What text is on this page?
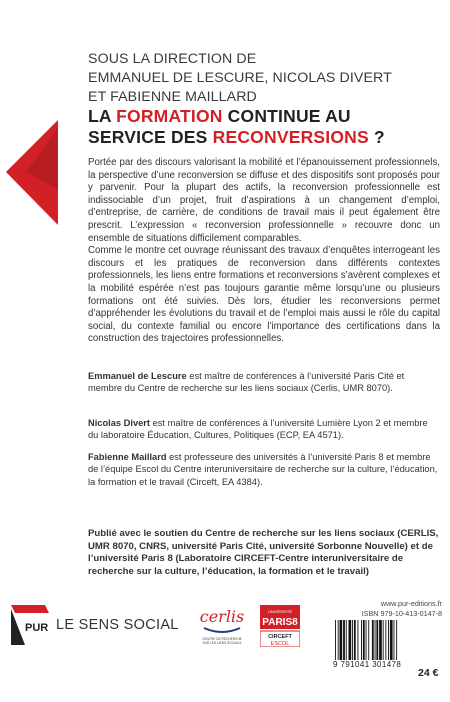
SOUS LA DIRECTION DE
EMMANUEL DE LESCURE, NICOLAS DIVERT
ET FABIENNE MAILLARD
LA FORMATION CONTINUE AU
SERVICE DES RECONVERSIONS ?

Portée par des discours valorisant la mobilité et l’épanouissement professionnels, la perspective d’une reconversion se diffuse et des dispositifs sont proposés pour y parvenir. Pour la plupart des actifs, la reconversion professionnelle est indissociable d’un projet, fruit d’aspirations à un changement d’emploi, d’entreprise, de carrière, de conditions de travail mais il peut également être prescrit. L’expression « reconversion professionnelle » recouvre donc un ensemble de situations difficilement comparables.

Comme le montre cet ouvrage réunissant des travaux d’enquêtes interrogeant les discours et les pratiques de reconversion dans différents contextes professionnels, les liens entre formations et reconversions s’avèrent complexes et la mobilité espérée n’est pas toujours garantie même lorsqu’une ou plusieurs formations ont été suivies. Dès lors, étudier les reconversions permet d’appréhender les évolutions du travail et de l’emploi mais aussi le rôle du capital social, du contexte familial ou encore l’importance des certifications dans la construction des trajectoires professionnelles.

Emmanuel de Lescure est maître de conférences à l’université Paris Cité et membre du Centre de recherche sur les liens sociaux (Cerlis, UMR 8070).
Nicolas Divert est maître de conférences à l’université Lumière Lyon 2 et membre du laboratoire Éducation, Cultures, Politiques (ECP, EA 4571).
Fabienne Maillard est professeure des universités à l’université Paris 8 et membre de l’équipe Escol du Centre interuniversitaire de recherche sur la culture, l’éducation, la formation et le travail (Circeft, EA 4384).
Publié avec le soutien du Centre de recherche sur les liens sociaux (CERLIS, UMR 8070, CNRS, université Paris Cité, université Sorbonne Nouvelle) et de l’université Paris 8 (Laboratoire CIRCEFT-Centre interuniversitaire de recherche sur la culture, l’éducation, la formation et le travail)
PUR LE SENS SOCIAL cerlis
CENTRE DE RECHERCHE
SUR LES LIENS SOCIAUX
UNIVERSITÉ
PARIS8
CIRCEFT
ESCOL
www.pur-editions.fr
ISBN 979-10-413-0147-8
9 791041 301478
24 €
